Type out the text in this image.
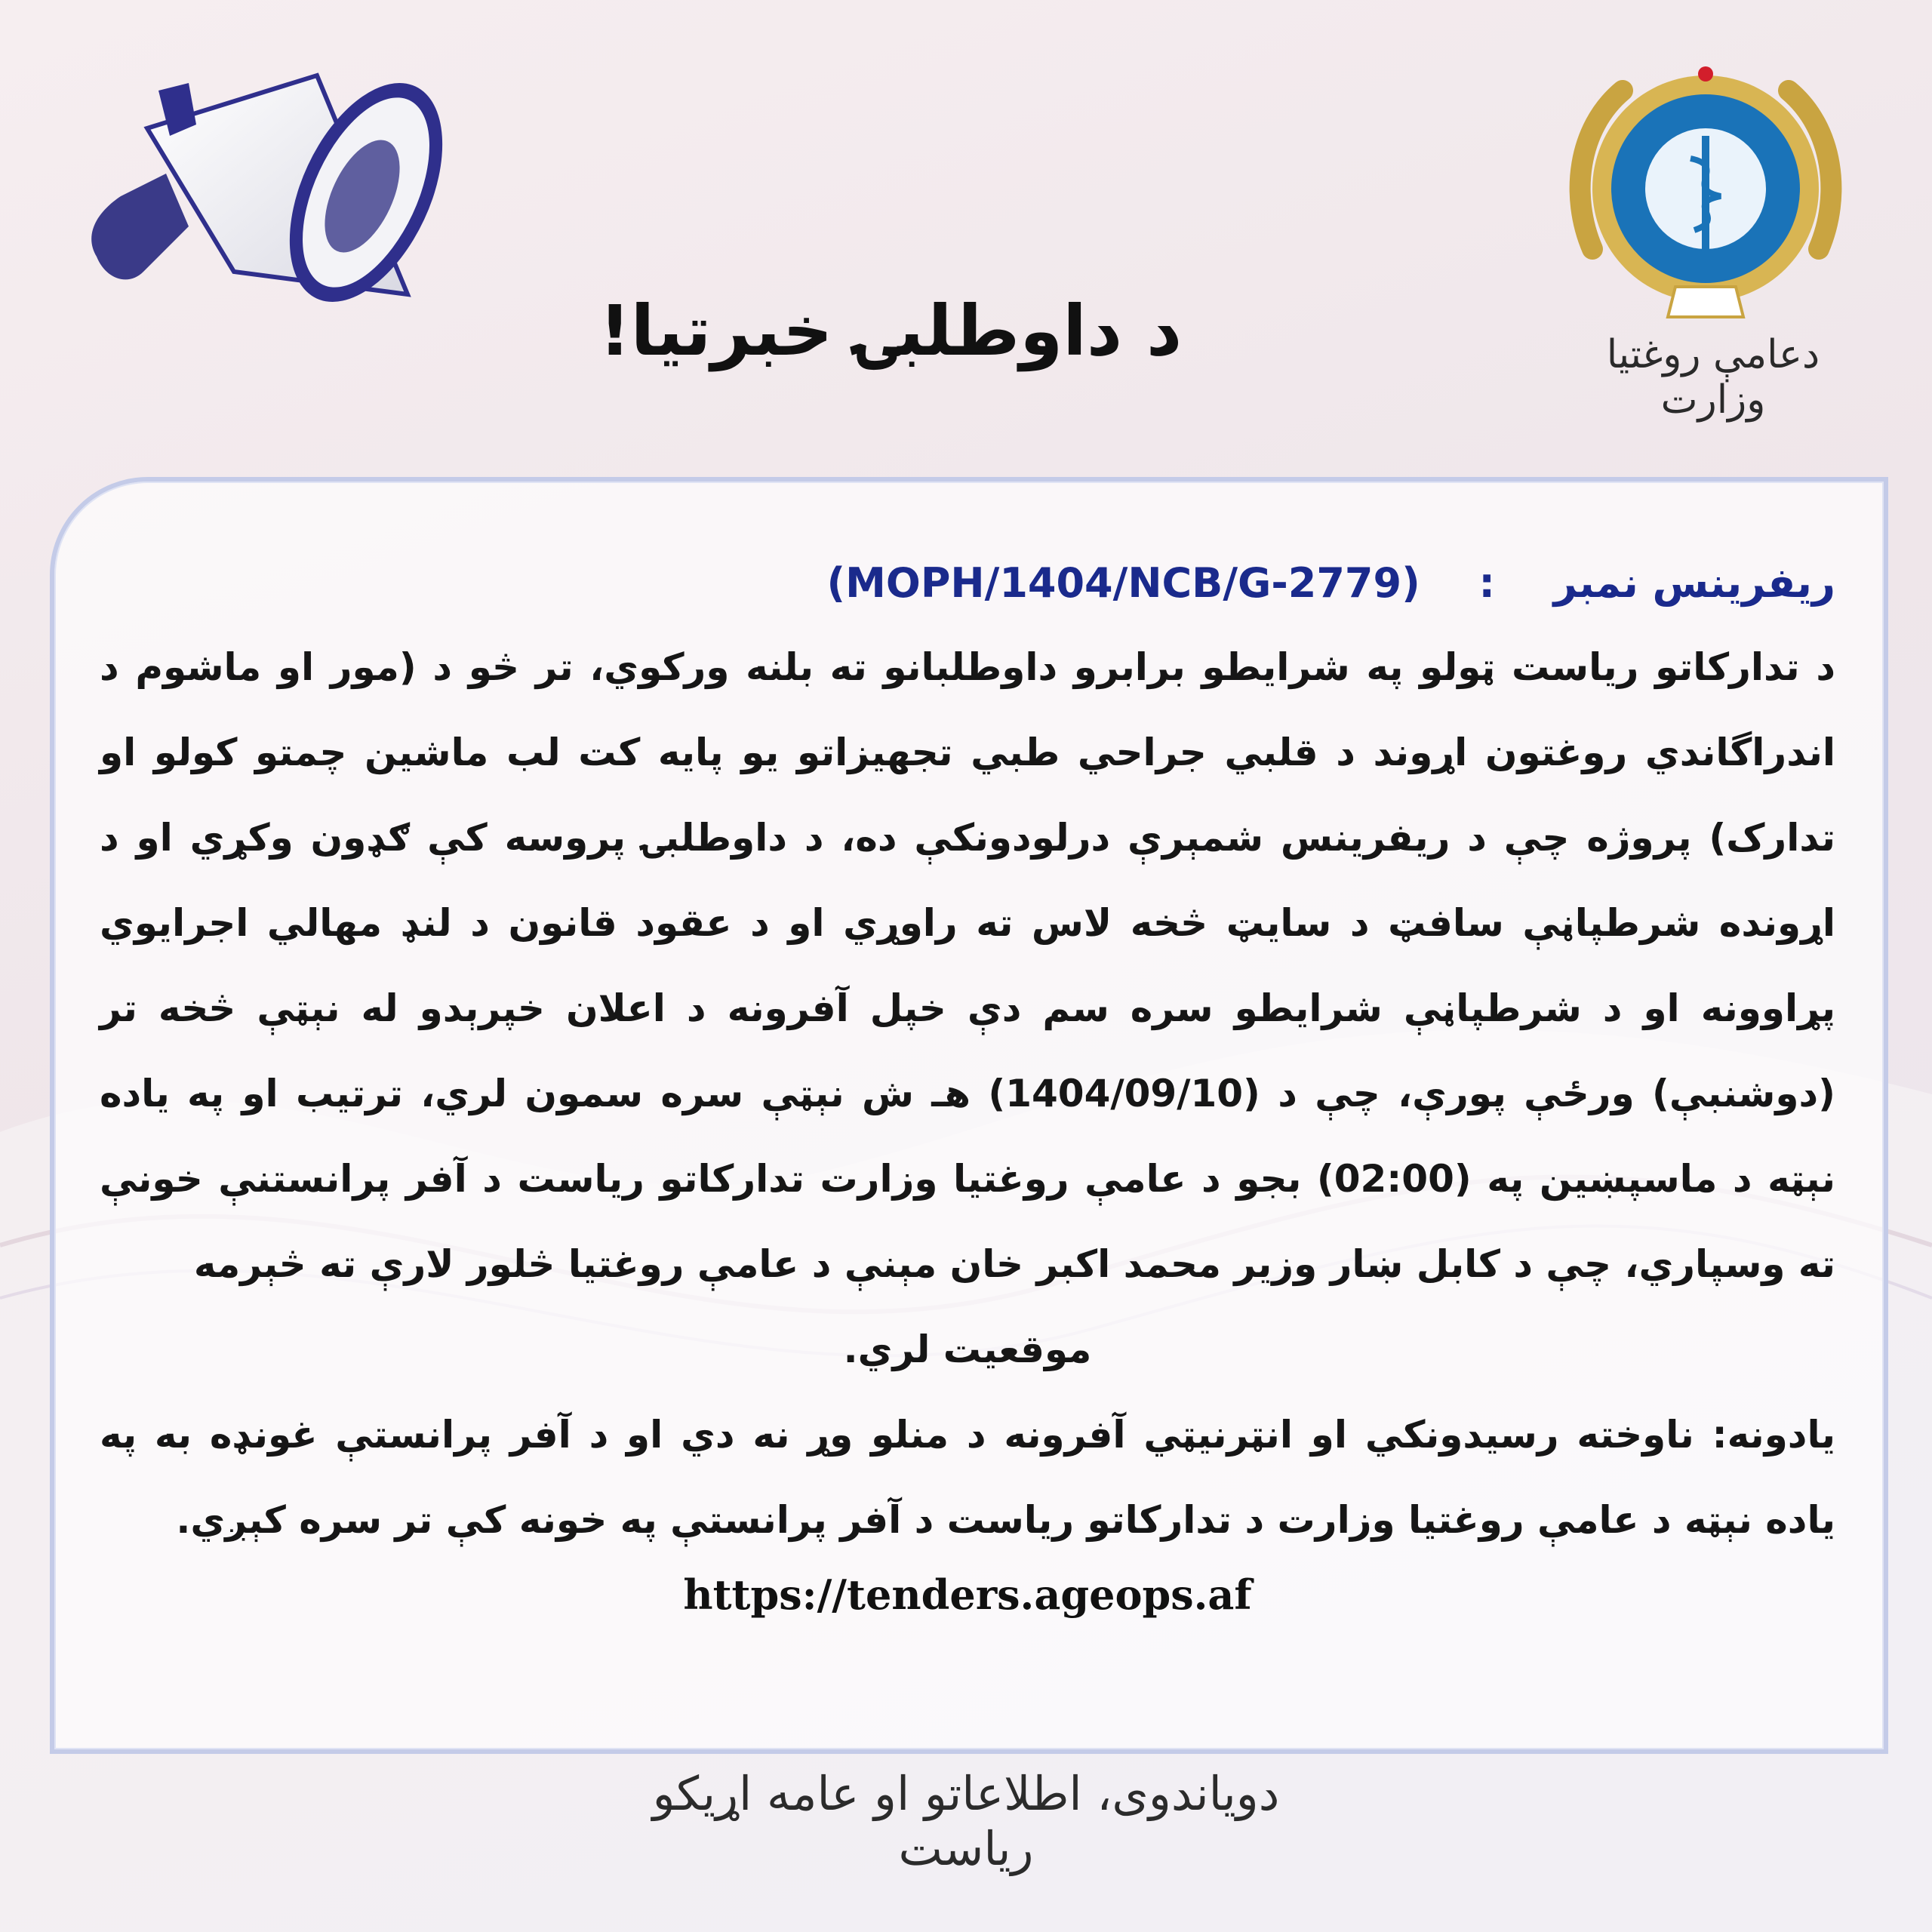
دعامې روغتیا وزارت
د داوطلبۍ خبرتیا!
ریفرینس نمبر  :  (MOPH/1404/NCB/G-2779)
د تدارکاتو ریاست ټولو په شرایطو برابرو داوطلبانو ته بلنه ورکوي، تر څو د (مور او ماشوم د اندراگاندي روغتون اړوند د قلبي جراحي طبي تجهیزاتو یو پایه کت لب ماشین چمتو کولو او تدارک) پروژه چې د ریفرینس شمېرې درلودونکې ده، د داوطلبۍ پروسه کې ګډون وکړي او د اړونده شرطپاڼې سافټ د سایټ څخه لاس ته راوړي او د عقود قانون د لنډ مهالي اجرایوي پړاوونه او د شرطپاڼې شرایطو سره سم دې خپل آفرونه د اعلان خپرېدو له نېټې څخه تر (دوشنبې) ورځې پورې، چې د (1404/09/10) هـ ش نېټې سره سمون لري، ترتیب او په یاده نېټه د ماسپښین په (02:00) بجو د عامې روغتیا وزارت تدارکاتو ریاست د آفر پرانستنې خونې ته وسپاري، چې د کابل ښار وزیر محمد اکبر خان مېنې د عامې روغتیا څلور لارې ته څېرمه
موقعیت لري.
یادونه: ناوخته رسیدونکي او انټرنیټي آفرونه د منلو وړ نه دي او د آفر پرانستې غونډه به په یاده نېټه د عامې روغتیا وزارت د تدارکاتو ریاست د آفر پرانستې په خونه کې تر سره کېږي.
https://tenders.ageops.af
دویاندوی، اطلاعاتو او عامه اړیکو ریاست
